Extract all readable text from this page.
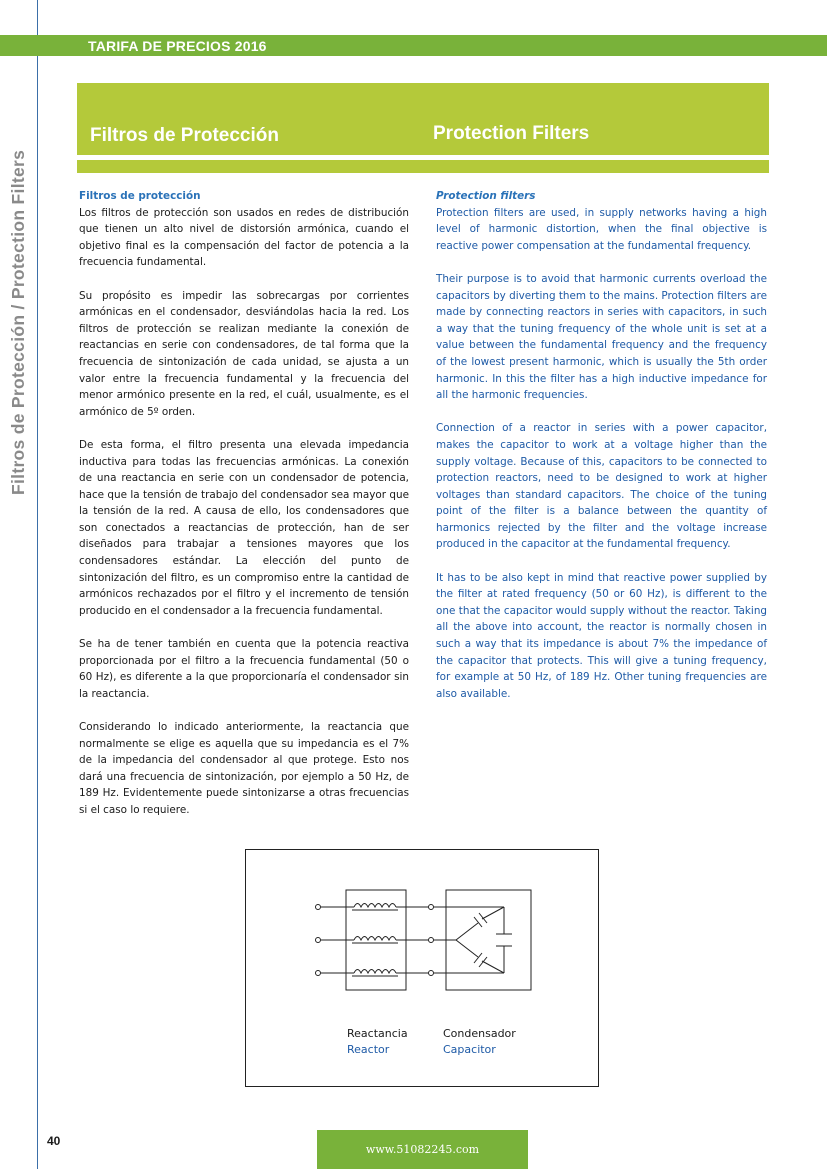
TARIFA DE PRECIOS 2016
Filtros de Protección / Protection Filters
Filtros de Protección	Protection Filters
Filtros de protección

Los filtros de protección son usados en redes de distribución que tienen un alto nivel de distorsión armónica, cuando el objetivo final es la compensación del factor de potencia a la frecuencia fundamental.

Su propósito es impedir las sobrecargas por corrientes armónicas en el condensador, desviándolas hacia la red. Los filtros de protección se realizan mediante la conexión de reactancias en serie con condensadores, de tal forma que la frecuencia de sintonización de cada unidad, se ajusta a un valor entre la frecuencia fundamental y la frecuencia del menor armónico presente en la red, el cuál, usualmente, es el armónico de 5º orden.

De esta forma, el filtro presenta una elevada impedancia inductiva para todas las frecuencias armónicas. La conexión de una reactancia en serie con un condensador de potencia, hace que la tensión de trabajo del condensador sea mayor que la tensión de la red. A causa de ello, los condensadores que son conectados a reactancias de protección, han de ser diseñados para trabajar a tensiones mayores que los condensadores estándar. La elección del punto de sintonización del filtro, es un compromiso entre la cantidad de armónicos rechazados por el filtro y el incremento de tensión producido en el condensador a la frecuencia fundamental.

Se ha de tener también en cuenta que la potencia reactiva proporcionada por el filtro a la frecuencia fundamental (50 o 60 Hz), es diferente a la que proporcionaría el condensador sin la reactancia.

Considerando lo indicado anteriormente, la reactancia que normalmente se elige es aquella que su impedancia es el 7% de la impedancia del condensador al que protege. Esto nos dará una frecuencia de sintonización, por ejemplo a 50 Hz, de 189 Hz. Evidentemente puede sintonizarse a otras frecuencias si el caso lo requiere.

Protection filters

Protection filters are used, in supply networks having a high level of harmonic distortion, when the final objective is reactive power compensation at the fundamental frequency.

Their purpose is to avoid that harmonic currents overload the capacitors by diverting them to the mains. Protection filters are made by connecting reactors in series with capacitors, in such a way that the tuning frequency of the whole unit is set at a value between the fundamental frequency and the frequency of the lowest present harmonic, which is usually the 5th order harmonic. In this the filter has a high inductive impedance for all the harmonic frequencies.

Connection of a reactor in series with a power capacitor, makes the capacitor to work at a voltage higher than the supply voltage. Because of this, capacitors to be connected to protection reactors, need to be designed to work at higher voltages than standard capacitors. The choice of the tuning point of the filter is a balance between the quantity of harmonics rejected by the filter and the voltage increase produced in the capacitor at the fundamental frequency.

It has to be also kept in mind that reactive power supplied by the filter at rated frequency (50 or 60 Hz), is different to the one that the capacitor would supply without the reactor. Taking all the above into account, the reactor is normally chosen in such a way that its impedance is about 7% the impedance of the capacitor that protects. This will give a tuning frequency, for example at 50 Hz, of 189 Hz. Other tuning frequencies are also available.

Reactancia
Reactor
Condensador
Capacitor
40
www.51082245.com
